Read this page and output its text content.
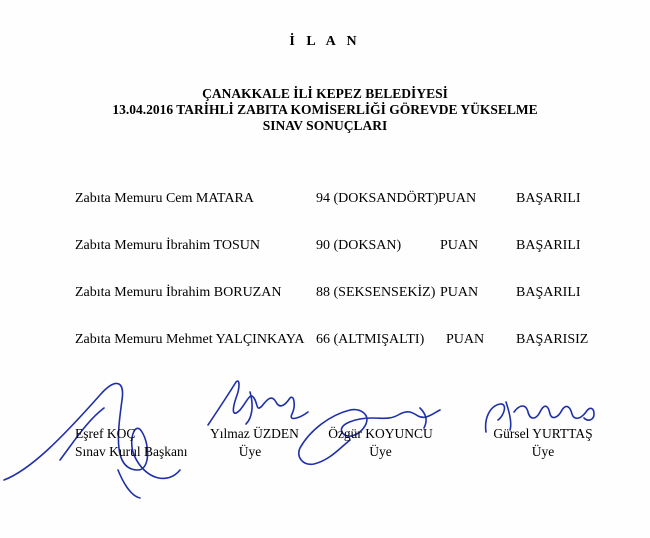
İ L A N
ÇANAKKALE İLİ KEPEZ BELEDİYESİ
13.04.2016 TARİHLİ ZABITA KOMİSERLİĞİ GÖREVDE YÜKSELME
SINAV SONUÇLARI
Zabıta Memuru Cem MATARA	94 (DOKSANDÖRT) PUAN	BAŞARILI
Zabıta Memuru İbrahim TOSUN	90 (DOKSAN)	PUAN	BAŞARILI
Zabıta Memuru İbrahim BORUZAN 88 (SEKSENSEKİZ) PUAN	BAŞARILI
Zabıta Memuru Mehmet YALÇINKAYA 66 (ALTMIŞALTI) PUAN BAŞARISIZ
Eşref KOÇ
Sınav Kurul Başkanı
Yılmaz ÜZDEN
Üye
Özgür KOYUNCU
Üye
Gürsel YURTTAŞ
Üye
